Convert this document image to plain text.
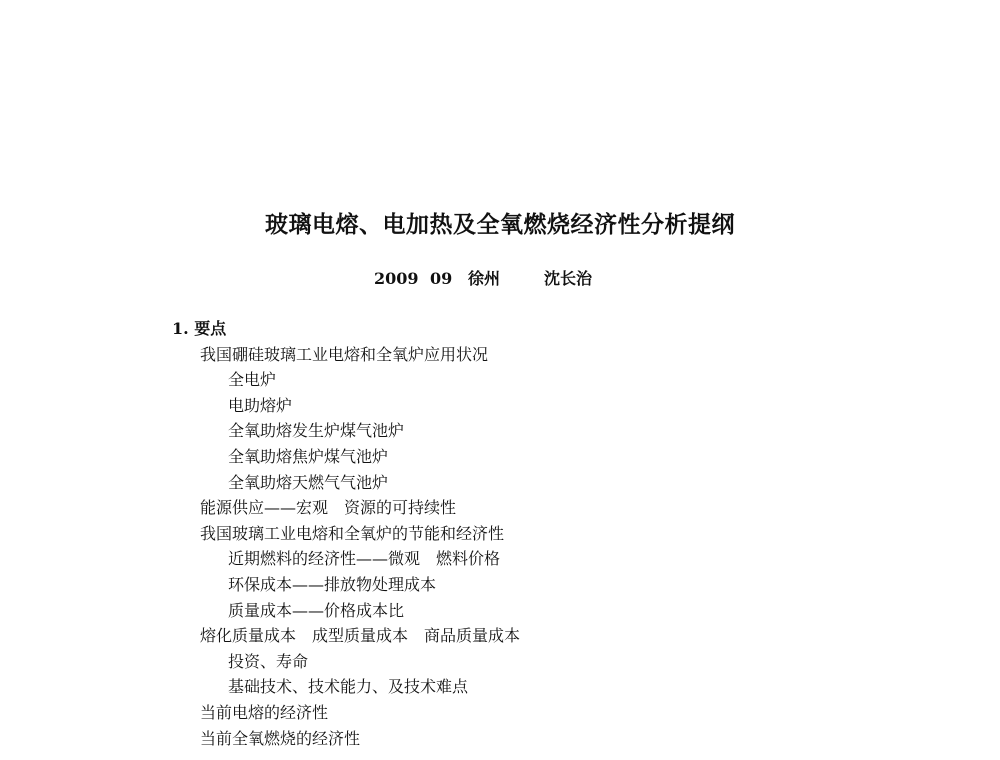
玻璃电熔、电加热及全氧燃烧经济性分析提纲
2009 09 徐州	沈长治
1. 要点
我国硼硅玻璃工业电熔和全氧炉应用状况
全电炉
电助熔炉
全氧助熔发生炉煤气池炉
全氧助熔焦炉煤气池炉
全氧助熔天燃气气池炉
能源供应——宏观　资源的可持续性
我国玻璃工业电熔和全氧炉的节能和经济性
近期燃料的经济性——微观　燃料价格
环保成本——排放物处理成本
质量成本——价格成本比
熔化质量成本　成型质量成本　商品质量成本
投资、寿命
基础技术、技术能力、及技术难点
当前电熔的经济性
当前全氧燃烧的经济性
